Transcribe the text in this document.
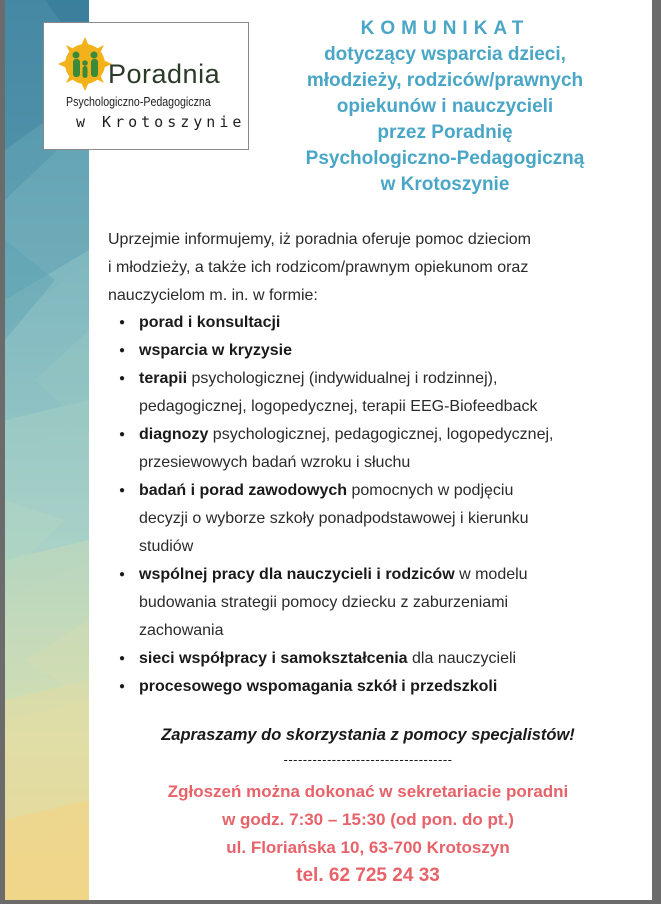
Poradnia
Psychologiczno-Pedagogiczna
w Krotoszynie
KOMUNIKAT
dotyczący wsparcia dzieci,
młodzieży, rodziców/prawnych
opiekunów i nauczycieli
przez Poradnię
Psychologiczno-Pedagogiczną
w Krotoszynie
Uprzejmie informujemy, iż poradnia oferuje pomoc dzieciom
i młodzieży, a także ich rodzicom/prawnym opiekunom oraz
nauczycielom m. in. w formie:
● porad i konsultacji
● wsparcia w kryzysie
● terapii psychologicznej (indywidualnej i rodzinnej),
pedagogicznej, logopedycznej, terapii EEG-Biofeedback
● diagnozy psychologicznej, pedagogicznej, logopedycznej,
przesiewowych badań wzroku i słuchu
● badań i porad zawodowych pomocnych w podjęciu
decyzji o wyborze szkoły ponadpodstawowej i kierunku
studiów
● wspólnej pracy dla nauczycieli i rodziców w modelu
budowania strategii pomocy dziecku z zaburzeniami
zachowania
● sieci współpracy i samokształcenia dla nauczycieli
● procesowego wspomagania szkół i przedszkoli
Zapraszamy do skorzystania z pomocy specjalistów!
-----------------------------------
Zgłoszeń można dokonać w sekretariacie poradni
w godz. 7:30 – 15:30 (od pon. do pt.)
ul. Floriańska 10, 63-700 Krotoszyn
tel. 62 725 24 33
